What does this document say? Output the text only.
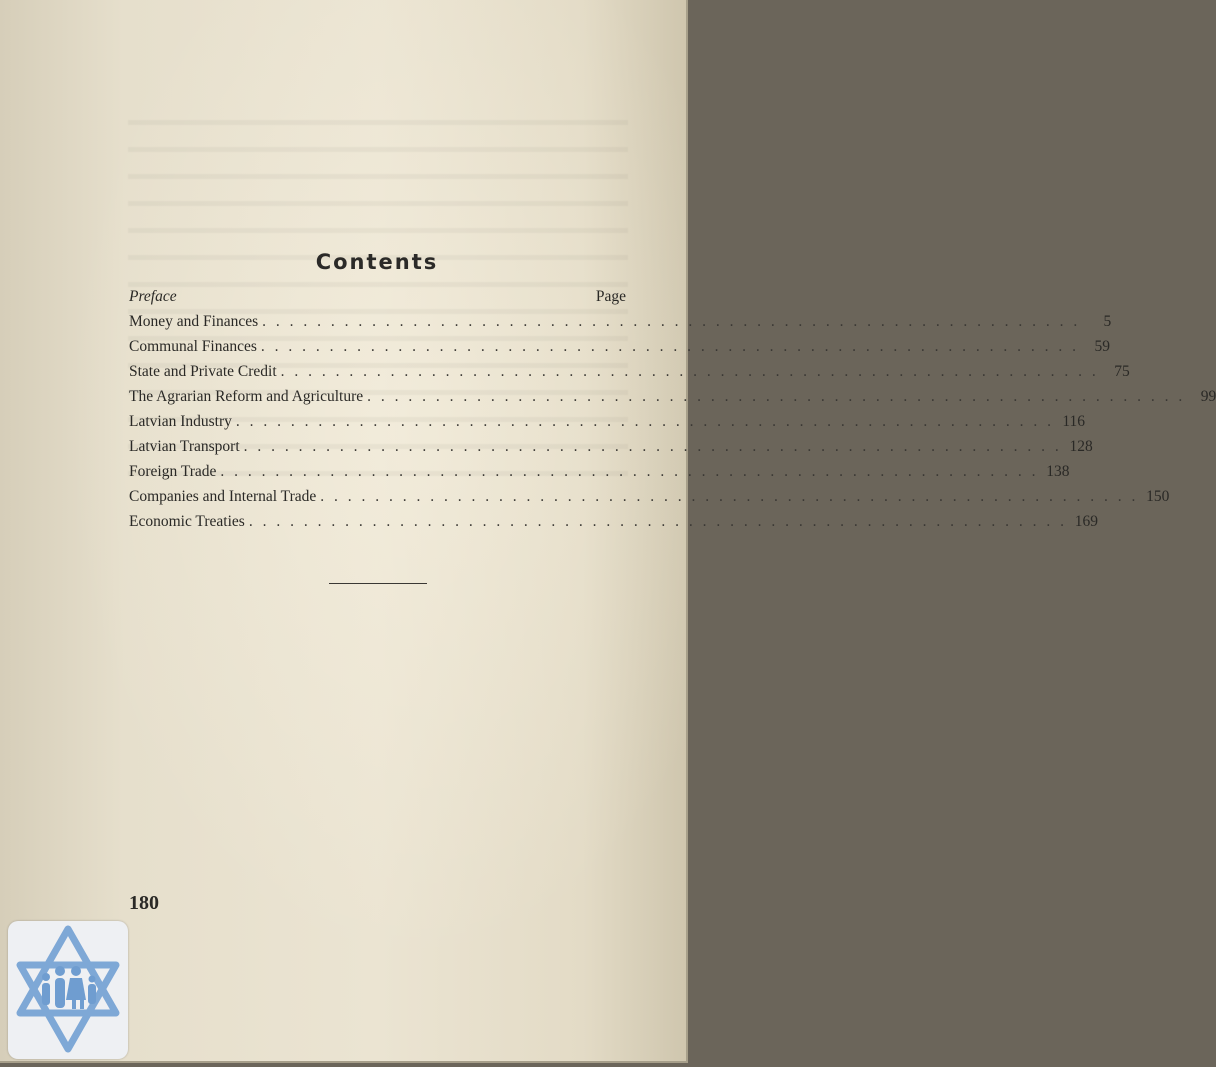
Contents
Preface	Page
Money and Finances . . . . . . . . . . . . . . . . . . . . . . . . . . . . . . . . . . . . . . . . . . . . . . . . . . . . . . . . . . . .	5
Communal Finances . . . . . . . . . . . . . . . . . . . . . . . . . . . . . . . . . . . . . . . . . . . . . . . . . . . . . . . . . . . .	59
State and Private Credit . . . . . . . . . . . . . . . . . . . . . . . . . . . . . . . . . . . . . . . . . . . . . . . . . . . . . . . . . . . .	75
The Agrarian Reform and Agriculture . . . . . . . . . . . . . . . . . . . . . . . . . . . . . . . . . . . . . . . . . . . . . . . . . . . . . . . . . . . .	99
Latvian Industry . . . . . . . . . . . . . . . . . . . . . . . . . . . . . . . . . . . . . . . . . . . . . . . . . . . . . . . . . . . . 116
Latvian Transport . . . . . . . . . . . . . . . . . . . . . . . . . . . . . . . . . . . . . . . . . . . . . . . . . . . . . . . . . . . . 128
Foreign Trade . . . . . . . . . . . . . . . . . . . . . . . . . . . . . . . . . . . . . . . . . . . . . . . . . . . . . . . . . . . . 138
Companies and Internal Trade . . . . . . . . . . . . . . . . . . . . . . . . . . . . . . . . . . . . . . . . . . . . . . . . . . . . . . . . . . . . 150
Economic Treaties . . . . . . . . . . . . . . . . . . . . . . . . . . . . . . . . . . . . . . . . . . . . . . . . . . . . . . . . . . . . 169
180
